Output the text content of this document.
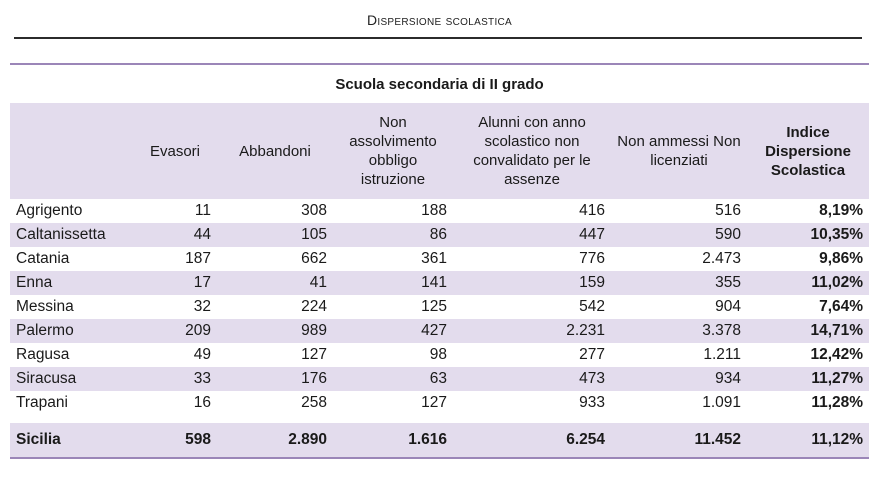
Dispersione scolastica
Scuola secondaria di II grado						
	Evasori	Abbandoni	Non assolvimento obbligo istruzione	Alunni con anno scolastico non convalidato per le assenze	Non ammessi Non licenziati	Indice Dispersione Scolastica
Agrigento	11	308	188	416	516	8,19%
Caltanissetta	44	105	86	447	590	10,35%
Catania	187	662	361	776	2.473	9,86%
Enna	17	41	141	159	355	11,02%
Messina	32	224	125	542	904	7,64%
Palermo	209	989	427	2.231	3.378	14,71%
Ragusa	49	127	98	277	1.211	12,42%
Siracusa	33	176	63	473	934	11,27%
Trapani	16	258	127	933	1.091	11,28%

Sicilia	598	2.890	1.616	6.254	11.452	11,12%
